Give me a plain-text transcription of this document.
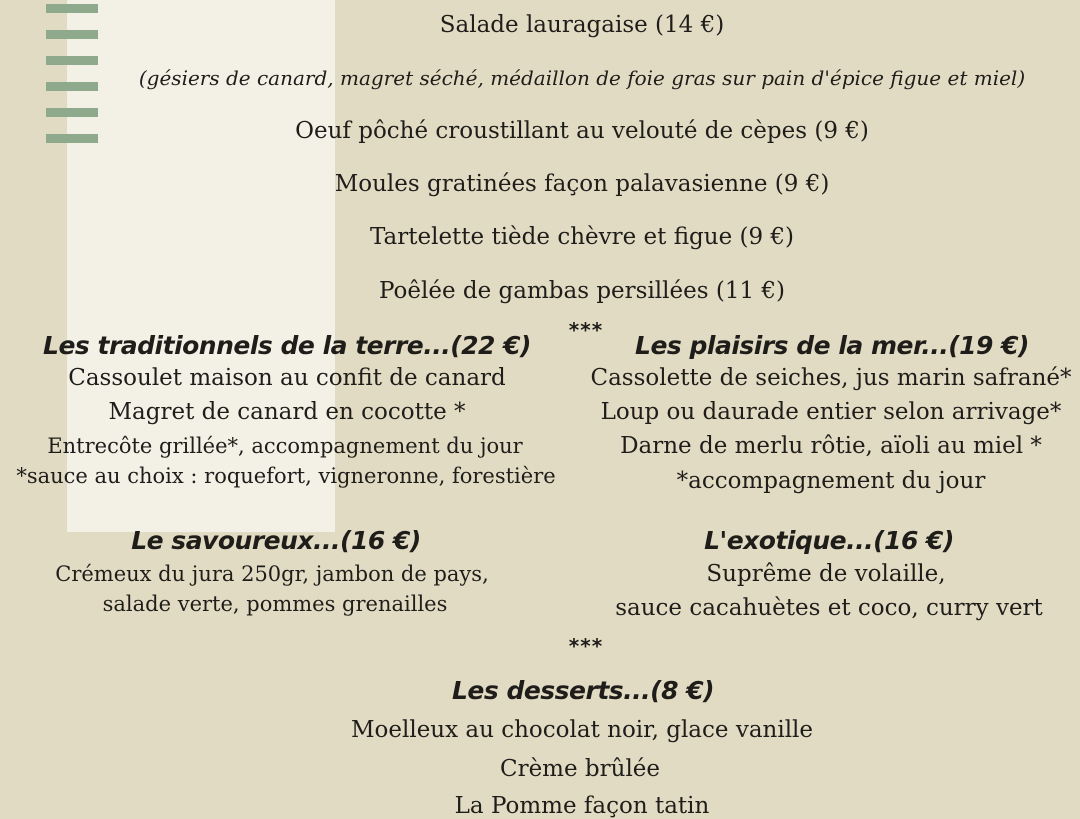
Salade lauragaise (14 €)
(gésiers de canard, magret séché, médaillon de foie gras sur pain d'épice figue et miel)
Oeuf pôché croustillant au velouté de cèpes (9 €)
Moules gratinées façon palavasienne (9 €)
Tartelette tiède chèvre et figue (9 €)
Poêlée de gambas persillées (11 €)
***
Les traditionnels de la terre...(22 €)
Cassoulet maison au confit de canard
Magret de canard en cocotte *
Entrecôte grillée*, accompagnement du jour
*sauce au choix : roquefort, vigneronne, forestière
Les plaisirs de la mer...(19 €)
Cassolette de seiches, jus marin safrané*
Loup ou daurade entier selon arrivage*
Darne de merlu rôtie, aïoli au miel *
*accompagnement du jour
Le savoureux...(16 €)
Crémeux du jura 250gr, jambon de pays,
salade verte, pommes grenailles
L'exotique...(16 €)
Suprême de volaille,
sauce cacahuètes et coco, curry vert
***
Les desserts...(8 €)
Moelleux au chocolat noir, glace vanille
Crème brûlée
La Pomme façon tatin
